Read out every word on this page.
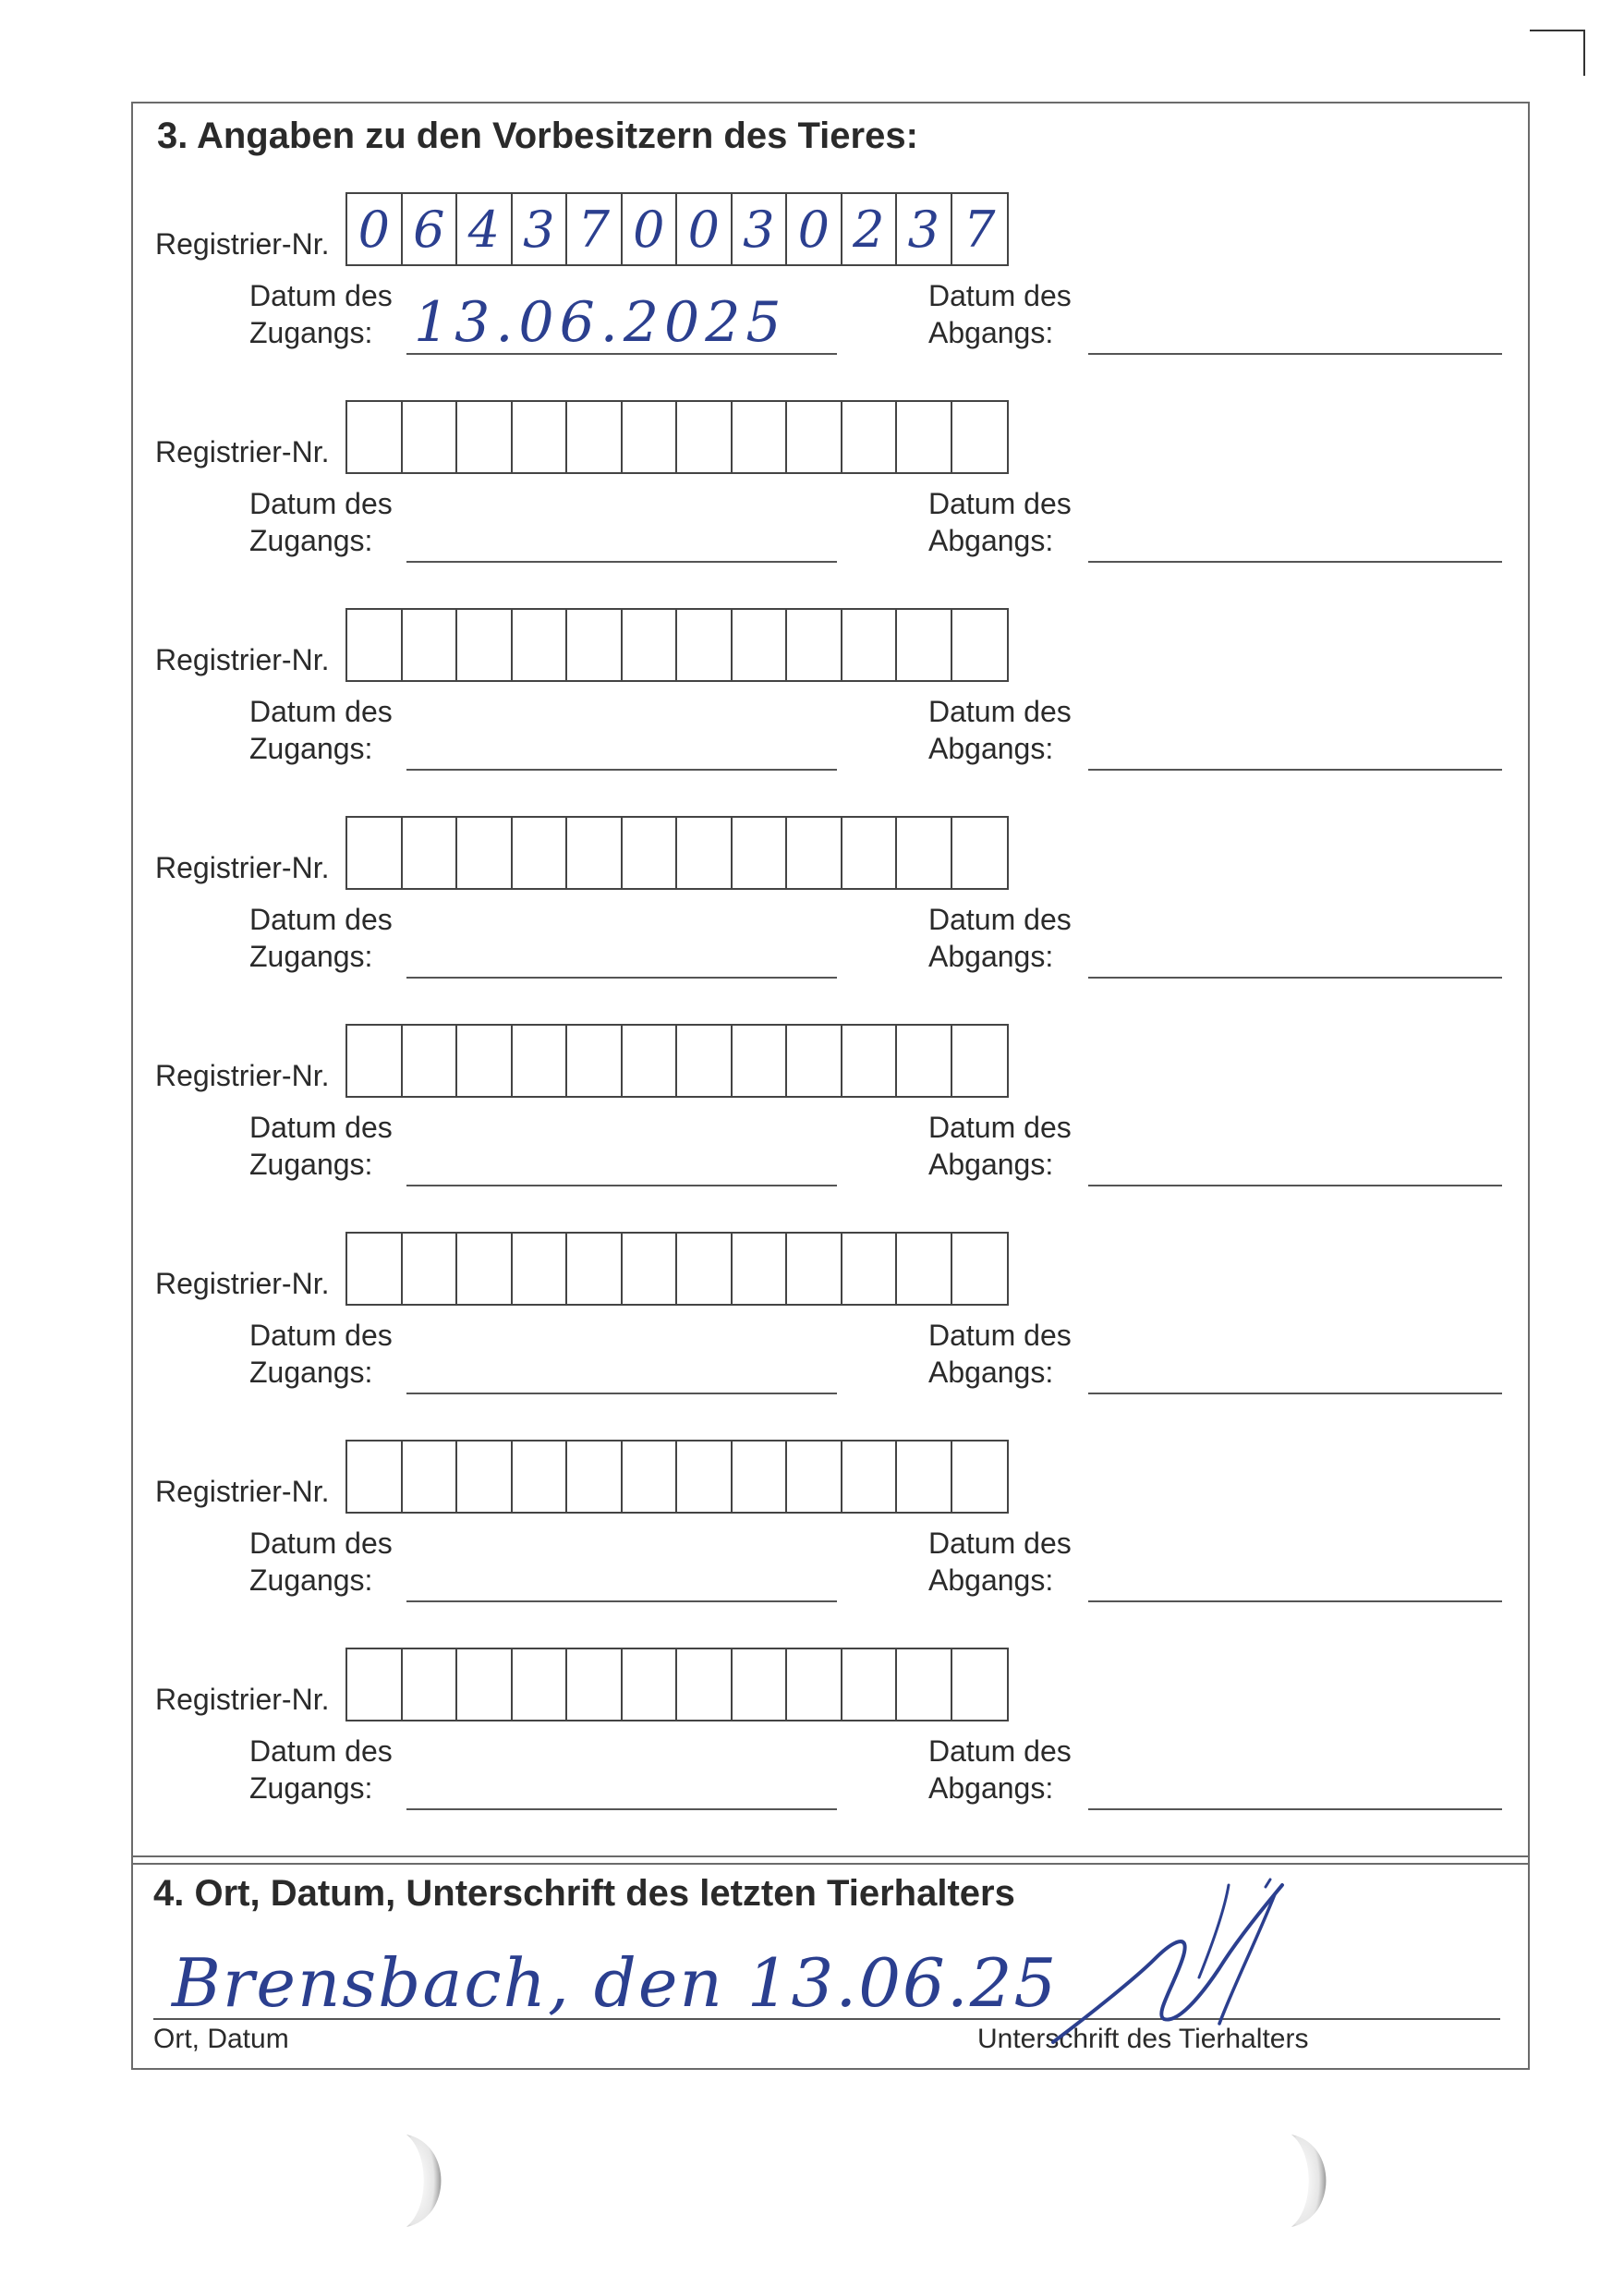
3. Angaben zu den Vorbesitzern des Tieres:
Registrier-Nr. 0 6 4 3 7 0 0 3 0 2 3 7
Datum des
Zugangs: 13.06.2025	Datum des
Abgangs:
Registrier-Nr.
Datum des
Zugangs:
Datum des
Abgangs:
Registrier-Nr.
Datum des
Zugangs:
Datum des
Abgangs:
Registrier-Nr.
Datum des
Zugangs:
Datum des
Abgangs:
Registrier-Nr.
Datum des
Zugangs:
Datum des
Abgangs:
Registrier-Nr.
Datum des
Zugangs:
Datum des
Abgangs:
Registrier-Nr.
Datum des
Zugangs:
Datum des
Abgangs:
Registrier-Nr.
Datum des
Zugangs:
Datum des
Abgangs:
4. Ort, Datum, Unterschrift des letzten Tierhalters
Brensbach, den 13.06.25
Ort, Datum	Unterschrift des Tierhalters
